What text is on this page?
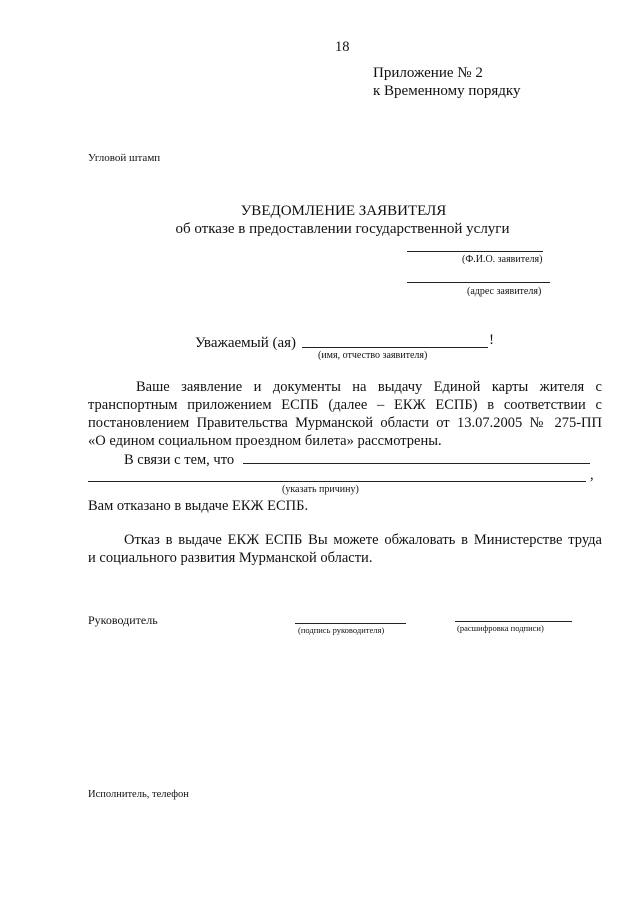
18
Приложение № 2
к Временному порядку
Угловой штамп
УВЕДОМЛЕНИЕ ЗАЯВИТЕЛЯ
об отказе в предоставлении государственной услуги
(Ф.И.О. заявителя)
(адрес заявителя)
Уважаемый (ая)	!
(имя, отчество заявителя)
Ваше заявление и документы на выдачу Единой карты жителя с
транспортным приложением ЕСПБ (далее – ЕКЖ ЕСПБ) в соответствии с
постановлением Правительства Мурманской области от 13.07.2005 № 275-ПП
«О едином социальном проездном билета» рассмотрены.
В связи с тем, что
,
(указать причину)
Вам отказано в выдаче ЕКЖ ЕСПБ.
Отказ в выдаче ЕКЖ ЕСПБ Вы можете обжаловать в Министерстве труда
и социального развития Мурманской области.
Руководитель
(подпись руководителя)	(расшифровка подписи)
Исполнитель, телефон
